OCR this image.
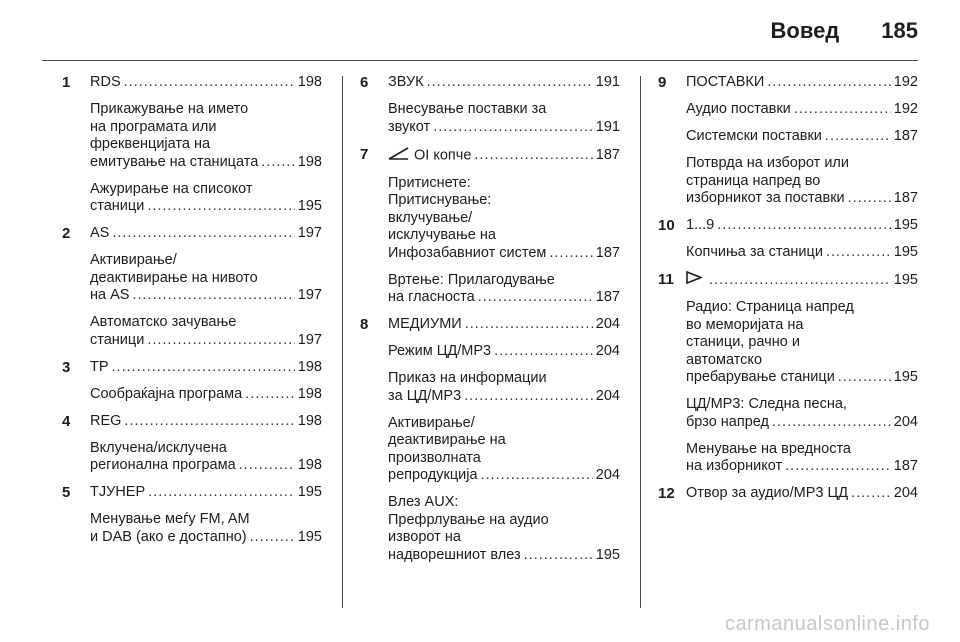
Вовед 185
1 RDS .....	198
Прикажување на името
на програмата или
фреквенцијата на
емитување на станицата .....	198
Ажурирање на списокот
станици .....	195
2 AS .....	197
Активирање/
деактивирање на нивото
на AS .....	197
Автоматско зачување
станици .....	197
3 TP .....	198
Сообраќајна програма .....	198
4 REG .....	198
Вклучена/исклучена
регионална програма .....	198
5 ТЈУНЕР .....	195
Менување меѓу FM, AM
и DAB (ако е достапно) .....	195
6 ЗВУК .....	191
Внесување поставки за
звукот .....	191
7	OI копче .....	187
Притиснете:
Притиснување:
вклучување/
исклучување на
Инфозабавниот систем .....	187
Вртење: Прилагодување
на гласноста .....	187
8 МЕДИУМИ .....	204
Режим ЦД/MP3 .....	204
Приказ на информации
за ЦД/MP3 .....	204
Активирање/
деактивирање на
произволната
репродукција .....	204
Влез AUX:
Префрлување на аудио
изворот на
надворешниот влез .....	195
9 ПОСТАВКИ .....	192
Аудио поставки .....	192
Системски поставки .....	187
Потврда на изборот или
страница напред во
изборникот за поставки .....	187
10 1...9 .....	195
Копчиња за станици .....	195
11 .....	195
Радио: Страница напред
во меморијата на
станици, рачно и
автоматско
пребарување станици .....	195
ЦД/MP3: Следна песна,
брзо напред .....	204
Менување на вредноста
на изборникот .....	187
12 Отвор за аудио/MP3 ЦД .....	204
carmanualsonline.info
